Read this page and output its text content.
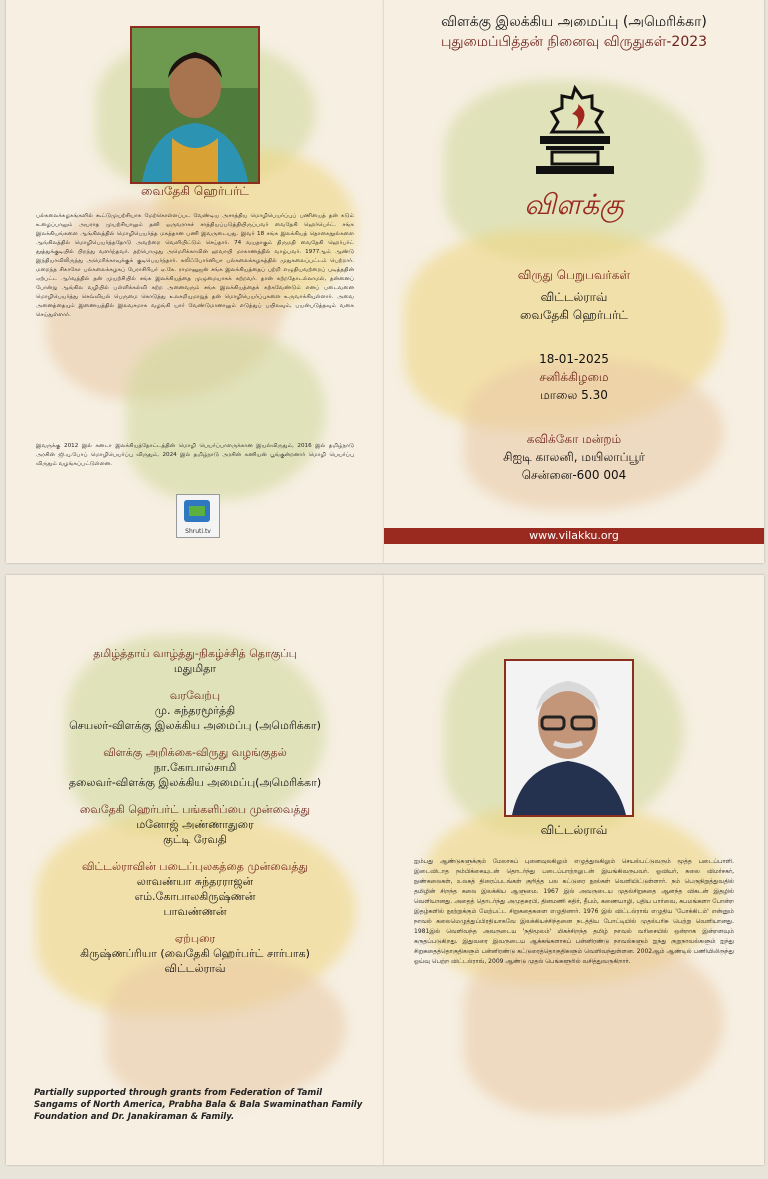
வைதேகி ஹெர்பர்ட்
பல்கலைக்கழகங்களில் கூட்டுமுயற்சியாக மேற்கொள்ளப்பட வேண்டிய அசாத்திய மொழிபெயர்ப்புப் பணியைத் தன் கடும் உழைப்பாலும் அயராத முயற்சியாலும் தனி ஒருவராகச் சாத்தியப்படுத்தியிருப்பவர் வைதேகி ஹெர்பெர்ட். சங்க இலக்கியங்களை ஆங்கிலத்தில் மொழிபெயர்த்த மகத்தான பணி இவருடையது. இவர் 18 சங்க இலக்கியத் தொகைநூல்களை ஆங்கிலத்தில் மொழிபெயர்த்ததோடு அவற்றை வெளியிட்டும் செய்தார். 74 வயதாகும் திருமதி வைதேகி ஹெர்பர்ட் தூத்துக்குடியில் பிறந்து வளர்ந்தவர். தற்பொழுது அமெரிக்காவின் ஹவாயி மாகாணத்தில் வாழ்பவர். 1977ஆம் ஆண்டு இந்தியாவிலிருந்து அமெரிக்காவுக்குக் குடிபெயர்ந்தார். கலிஃபோர்னியா பல்கலைக்கழகத்தில் முதுகலைப்பட்டம் பெற்றார். மறைந்த சிகாகோ பல்கலைக்கழகப் பேராசிரியர் ஏ.கே. ராமானுஜன் சங்க இலக்கியத்தைப் பற்றி எழுதியவற்றைப் படித்ததின் ஏற்பட்ட ஆர்வத்தில் தன் முயற்சியில் சங்க இலக்கியத்தை முழுமையாகக் கற்றவர். தான் கற்றதோடல்லாமல், தன்னைப் போன்று ஆங்கில வழியில் பள்ளிக்கல்வி கற்ற அனைவரும் சங்க இலக்கியத்தைக் கற்கவேண்டும் எனப் படைவனை மொழிபெயர்த்து செவ்வியல் பெருமை கொடுத்து உலகறியுமாறுத் தன் மொழிபெயர்ப்புகளை உருவாக்கியுள்ளார். அவை அனைத்தையும் இணையத்தில் இலவசமாக வழங்கி யார் வேண்டுமானாலும் எடுத்துப் பயிலவும், பயன்படுத்தவும் வகை செய்துள்ளார்.
இவருக்கு 2012 இல் கனடா இலக்கியத்தோட்டத்தின் மொழி பெயர்ப்பாளருக்கான இயல்விருதும், 2016 இல் தமிழ்நாடு அரசின் ஜி.யு.போப் மொழிபெயர்ப்பு விருதும், 2024 இல் தமிழ்நாடு அரசின் கணியன் பூங்குன்றனார் மொழி பெயர்ப்பு விருதும் வழங்கப்பட்டுள்ளன.
Shruti.tv
விளக்கு இலக்கிய அமைப்பு (அமெரிக்கா)
புதுமைப்பித்தன் நினைவு விருதுகள்-2023
விளக்கு
விருது பெறுபவர்கள்
விட்டல்ராவ்
வைதேகி ஹெர்பர்ட்
18-01-2025
சனிக்கிழமை
மாலை 5.30
கவிக்கோ மன்றம்
சிஐடி காலனி, மயிலாப்பூர்
சென்னை-600 004
www.vilakku.org
தமிழ்த்தாய் வாழ்த்து-நிகழ்ச்சித் தொகுப்பு
மதுமிதா
வரவேற்பு
மு. சுந்தரமூர்த்தி
செயலர்-விளக்கு இலக்கிய அமைப்பு (அமெரிக்கா)
விளக்கு அறிக்கை-விருது வழங்குதல்
நா.கோபால்சாமி
தலைவர்-விளக்கு இலக்கிய அமைப்பு(அமெரிக்கா)
வைதேகி ஹெர்பர்ட் பங்களிப்பை முன்வைத்து
மனோஜ் அண்ணாதுரை
குட்டி ரேவதி
விட்டல்ராவின் படைப்புலகத்தை முன்வைத்து
லாவண்யா சுந்தரராஜன்
எம்.கோபாலகிருஷ்ணன்
பாவண்ணன்
ஏற்புரை
கிருஷ்ணப்ரியா (வைதேகி ஹெர்பர்ட் சார்பாக)
விட்டல்ராவ்
Partially supported through grants from Federation of Tamil Sangams of North America, Prabha Bala & Bala Swaminathan Family Foundation and Dr. Janakiraman & Family.
விட்டல்ராவ்
ஐம்பது ஆண்டுகளுக்கும் மேலாகப் புனைவுலகிலும் எழுத்துலகிலும் செயல்பட்டுவரும் மூத்த படைப்பாளி. இடைவிடாத நம்பிக்கையுடன் தொடர்ந்து படைப்பாற்றலுடன் இயங்கிவருபவர். ஓவியர், கலை விமர்சகர், நுண்கலைகள், உலகத் திரைப்படங்கள் குறித்த பல கட்டுரை நூல்கள் வெளியிட்டுள்ளார். நம் பெருநிறுத்துவதில் தமிழின் சிறந்த கலை இலக்கிய ஆளுமை. 1967 இல் அவருடைய முதல்சிறுகதை ஆனந்த விகடன் இதழில் வெளியானது. அதைத் தொடர்ந்து அமுதசுரபி, தினமணி கதிர், தீபம், கணையாழி, புதிய பார்வை, சுபமங்களா போன்ற இதழ்களில் நூற்றுக்கும் மேற்பட்ட சிறுகதைகளை எழுதினார். 1976 இல் விட்டல்ராவ் எழுதிய 'போக்கிடம்' என்னும் நாவல் கலைமெழுத்துப்பிரதியாகவே இலக்கியச்சிந்தனை நடத்திய போட்டியில் முதல்பரிசு பெற்று வெளியானது. 1981இல் வெளிவந்த அவருடைய 'நதிமூலம்' மிகச்சிறந்த தமிழ் நாவல் வரிசையில் ஒன்றாக இன்றளவும் கருதப்படுகிறது. இதுவரை இவருடைய ஆக்கங்களாகப் பன்னிரண்டு நாவல்களும் ஐந்து குறுநாவல்களும் ஐந்து சிறுகதைத்தொகுதிகளும் பன்னிரண்டு கட்டுரைத்தொகுதிகளும் வெளிவந்துள்ளன. 2002ஆம் ஆண்டில் பணியிலிருந்து ஓய்வு பெற்ற விட்டல்ராவ், 2009 ஆண்டு முதல் பெங்களூரில் வசித்துவருகிறார்.
